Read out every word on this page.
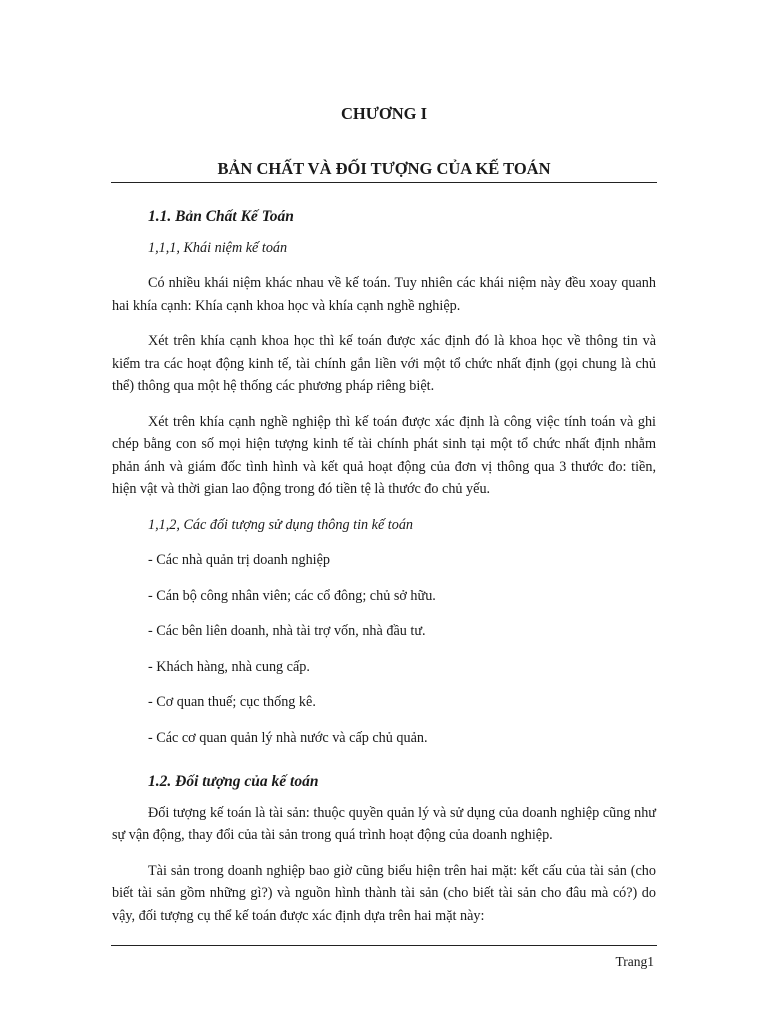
CHƯƠNG I
BẢN CHẤT VÀ ĐỐI TƯỢNG CỦA KẾ TOÁN
1.1. Bản Chất Kế Toán
1,1,1, Khái niệm kế toán

Có nhiều khái niệm khác nhau về kế toán. Tuy nhiên các khái niệm này đều xoay quanh hai khía cạnh: Khía cạnh khoa học và khía cạnh nghề nghiệp.

Xét trên khía cạnh khoa học thì kế toán được xác định đó là khoa học về thông tin và kiểm tra các hoạt động kinh tế, tài chính gắn liền với một tổ chức nhất định (gọi chung là chủ thể) thông qua một hệ thống các phương pháp riêng biệt.

Xét trên khía cạnh nghề nghiệp thì kế toán được xác định là công việc tính toán và ghi chép bằng con số mọi hiện tượng kinh tế tài chính phát sinh tại một tổ chức nhất định nhằm phản ánh và giám đốc tình hình và kết quả hoạt động của đơn vị thông qua 3 thước đo: tiền, hiện vật và thời gian lao động trong đó tiền tệ là thước đo chủ yếu.

1,1,2, Các đối tượng sử dụng thông tin kế toán
- Các nhà quản trị doanh nghiệp
- Cán bộ công nhân viên; các cổ đông; chủ sở hữu.
- Các bên liên doanh, nhà tài trợ vốn, nhà đầu tư.
- Khách hàng, nhà cung cấp.
- Cơ quan thuế; cục thống kê.
- Các cơ quan quản lý nhà nước và cấp chủ quản.
1.2. Đối tượng của kế toán

Đối tượng kế toán là tài sản: thuộc quyền quản lý và sử dụng của doanh nghiệp cũng như sự vận động, thay đổi của tài sản trong quá trình hoạt động của doanh nghiệp.

Tài sản trong doanh nghiệp bao giờ cũng biểu hiện trên hai mặt: kết cấu của tài sản (cho biết tài sản gồm những gì?) và nguồn hình thành tài sản (cho biết tài sản cho đâu mà có?) do vậy, đối tượng cụ thể kế toán được xác định dựa trên hai mặt này:

Trang1
